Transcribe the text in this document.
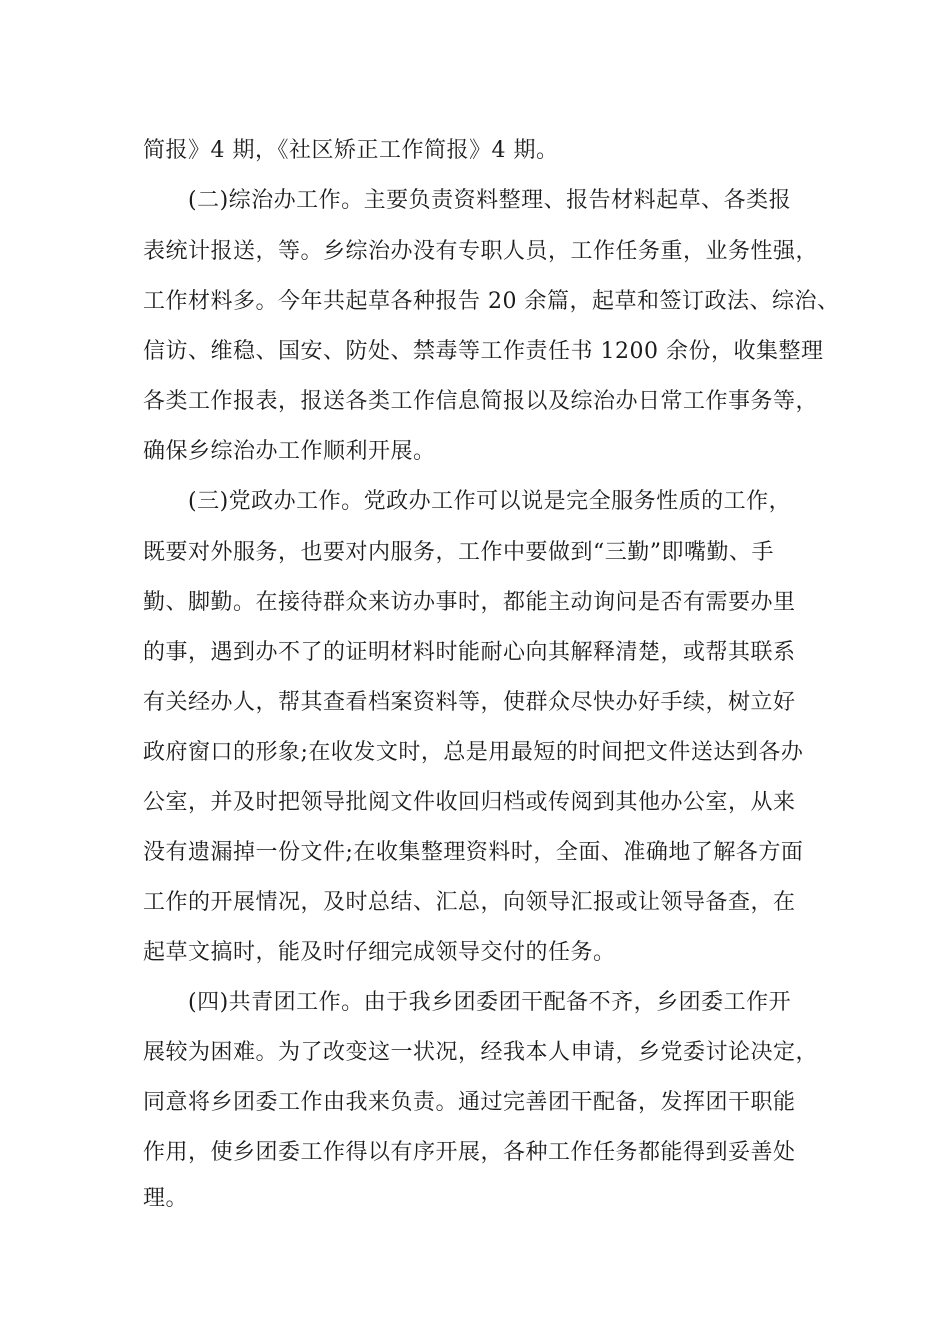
简报》4 期，《社区矫正工作简报》4 期。
(二)综治办工作。主要负责资料整理、报告材料起草、各类报
表统计报送，等。乡综治办没有专职人员，工作任务重，业务性强，
工作材料多。今年共起草各种报告 20 余篇，起草和签订政法、综治、
信访、维稳、国安、防处、禁毒等工作责任书 1200 余份，收集整理
各类工作报表，报送各类工作信息简报以及综治办日常工作事务等，
确保乡综治办工作顺利开展。
(三)党政办工作。党政办工作可以说是完全服务性质的工作，
既要对外服务，也要对内服务，工作中要做到“三勤”即嘴勤、手
勤、脚勤。在接待群众来访办事时，都能主动询问是否有需要办里
的事，遇到办不了的证明材料时能耐心向其解释清楚，或帮其联系
有关经办人，帮其查看档案资料等，使群众尽快办好手续，树立好
政府窗口的形象;在收发文时，总是用最短的时间把文件送达到各办
公室，并及时把领导批阅文件收回归档或传阅到其他办公室，从来
没有遗漏掉一份文件;在收集整理资料时，全面、准确地了解各方面
工作的开展情况，及时总结、汇总，向领导汇报或让领导备查，在
起草文搞时，能及时仔细完成领导交付的任务。
(四)共青团工作。由于我乡团委团干配备不齐，乡团委工作开
展较为困难。为了改变这一状况，经我本人申请，乡党委讨论决定，
同意将乡团委工作由我来负责。通过完善团干配备，发挥团干职能
作用，使乡团委工作得以有序开展，各种工作任务都能得到妥善处
理。
